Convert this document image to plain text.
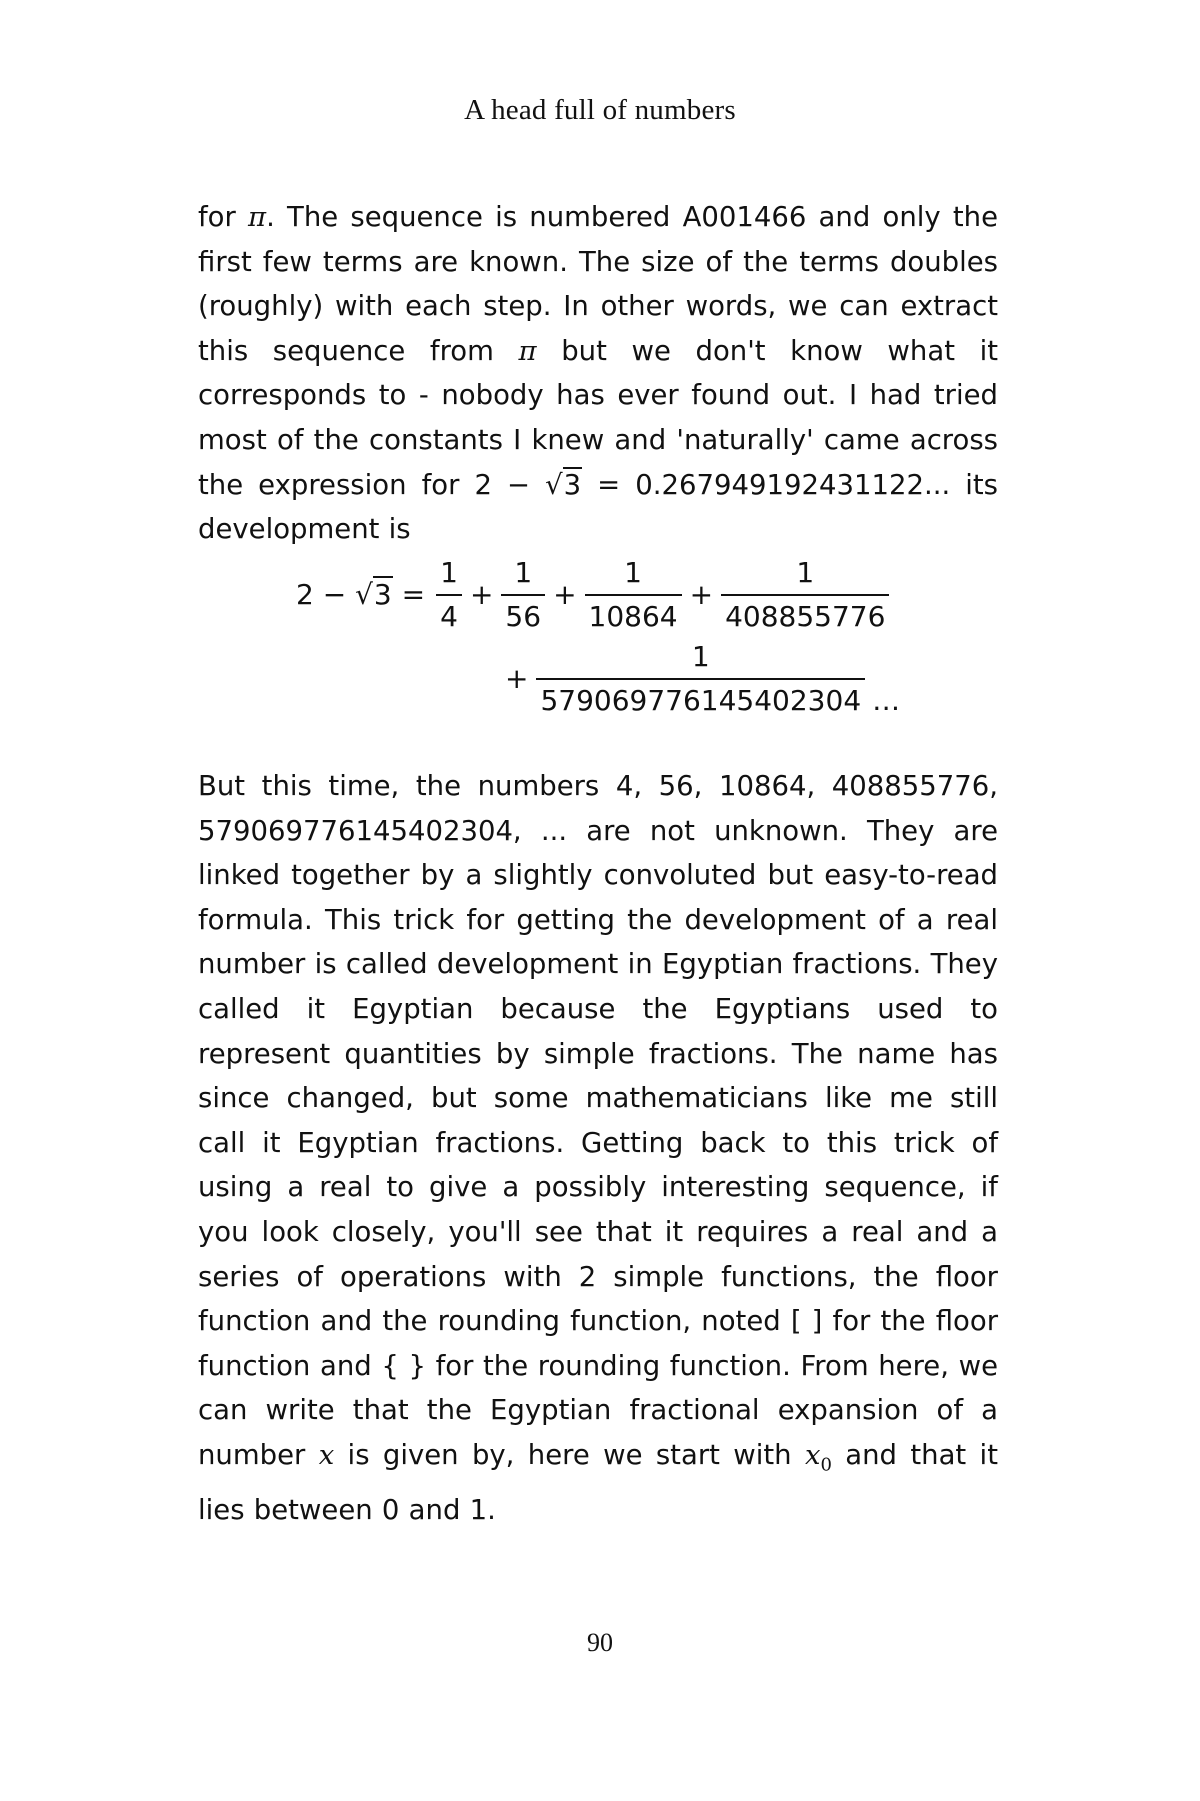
A head full of numbers

for π. The sequence is numbered A001466 and only the first few terms are known. The size of the terms doubles (roughly) with each step. In other words, we can extract this sequence from π but we don't know what it corresponds to - nobody has ever found out. I had tried most of the constants I knew and 'naturally' came across the expression for 2 − √3 = 0.267949192431122... its development is

$2 - √3 = \frac{1}{4} + \frac{1}{56} + \frac{1}{10864} + \frac{1}{408855776}$
+ $\frac{1}{579069776145402304}$ …

But this time, the numbers 4, 56, 10864, 408855776, 579069776145402304, ... are not unknown. They are linked together by a slightly convoluted but easy-to-read formula. This trick for getting the development of a real number is called development in Egyptian fractions. They called it Egyptian because the Egyptians used to represent quantities by simple fractions. The name has since changed, but some mathematicians like me still call it Egyptian fractions. Getting back to this trick of using a real to give a possibly interesting sequence, if you look closely, you'll see that it requires a real and a series of operations with 2 simple functions, the floor function and the rounding function, noted [ ] for the floor function and { } for the rounding function. From here, we can write that the Egyptian fractional expansion of a number x is given by, here we start with $x_0$ and that it lies between 0 and 1.

90
